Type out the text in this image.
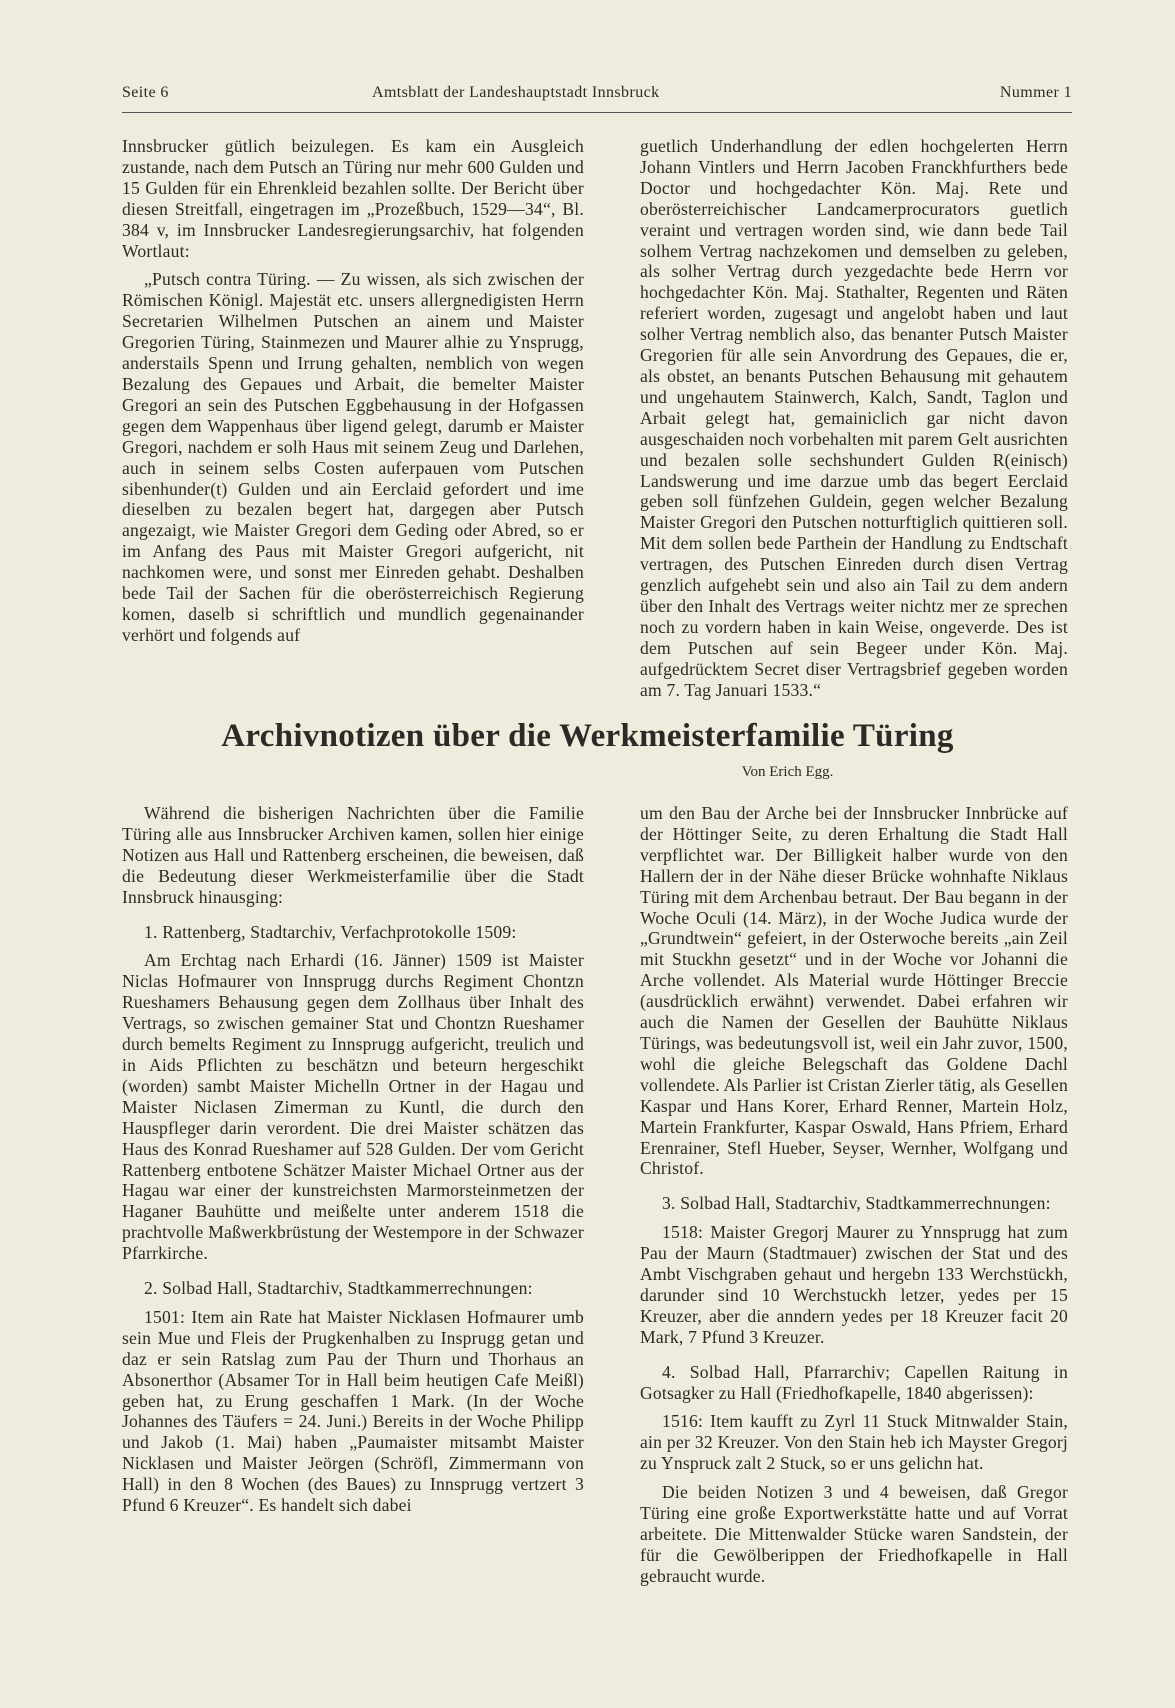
Seite 6	Amtsblatt der Landeshauptstadt Innsbruck	Nummer 1

Innsbrucker gütlich beizulegen. Es kam ein Ausgleich zustande, nach dem Putsch an Türing nur mehr 600 Gulden und 15 Gulden für ein Ehrenkleid bezahlen sollte. Der Bericht über diesen Streitfall, eingetragen im „Prozeßbuch, 1529—34“, Bl. 384 v, im Innsbrucker Landesregierungsarchiv, hat folgenden Wortlaut:

„Putsch contra Türing. — Zu wissen, als sich zwischen der Römischen Königl. Majestät etc. unsers allergnedigisten Herrn Secretarien Wilhelmen Putschen an ainem und Maister Gregorien Türing, Stainmezen und Maurer alhie zu Ynsprugg, anderstails Spenn und Irrung gehalten, nemblich von wegen Bezalung des Gepaues und Arbait, die bemelter Maister Gregori an sein des Putschen Eggbehausung in der Hofgassen gegen dem Wappenhaus über ligend gelegt, darumb er Maister Gregori, nachdem er solh Haus mit seinem Zeug und Darlehen, auch in seinem selbs Costen auferpauen vom Putschen sibenhunder(t) Gulden und ain Eerclaid gefordert und ime dieselben zu bezalen begert hat, dargegen aber Putsch angezaigt, wie Maister Gregori dem Geding oder Abred, so er im Anfang des Paus mit Maister Gregori aufgericht, nit nachkomen were, und sonst mer Einreden gehabt. Deshalben bede Tail der Sachen für die oberösterreichisch Regierung komen, daselb si schriftlich und mundlich gegenainander verhört und folgends auf

guetlich Underhandlung der edlen hochgelerten Herrn Johann Vintlers und Herrn Jacoben Franckhfurthers bede Doctor und hochgedachter Kön. Maj. Rete und oberösterreichischer Landcamerprocurators guetlich veraint und vertragen worden sind, wie dann bede Tail solhem Vertrag nachzekomen und demselben zu geleben, als solher Vertrag durch yezgedachte bede Herrn vor hochgedachter Kön. Maj. Stathalter, Regenten und Räten referiert worden, zugesagt und angelobt haben und laut solher Vertrag nemblich also, das benanter Putsch Maister Gregorien für alle sein Anvordrung des Gepaues, die er, als obstet, an benants Putschen Behausung mit gehautem und ungehautem Stainwerch, Kalch, Sandt, Taglon und Arbait gelegt hat, gemainiclich gar nicht davon ausgeschaiden noch vorbehalten mit parem Gelt ausrichten und bezalen solle sechshundert Gulden R(einisch) Landswerung und ime darzue umb das begert Eerclaid geben soll fünfzehen Guldein, gegen welcher Bezalung Maister Gregori den Putschen notturftiglich quittieren soll. Mit dem sollen bede Parthein der Handlung zu Endtschaft vertragen, des Putschen Einreden durch disen Vertrag genzlich aufgehebt sein und also ain Tail zu dem andern über den Inhalt des Vertrags weiter nichtz mer ze sprechen noch zu vordern haben in kain Weise, ongeverde. Des ist dem Putschen auf sein Begeer under Kön. Maj. aufgedrücktem Secret diser Vertragsbrief gegeben worden am 7. Tag Januari 1533.“

Archivnotizen über die Werkmeisterfamilie Türing
Von Erich Egg.

Während die bisherigen Nachrichten über die Familie Türing alle aus Innsbrucker Archiven kamen, sollen hier einige Notizen aus Hall und Rattenberg erscheinen, die beweisen, daß die Bedeutung dieser Werkmeisterfamilie über die Stadt Innsbruck hinausging:

1. Rattenberg, Stadtarchiv, Verfachprotokolle 1509:

Am Erchtag nach Erhardi (16. Jänner) 1509 ist Maister Niclas Hofmaurer von Innsprugg durchs Regiment Chontzn Rueshamers Behausung gegen dem Zollhaus über Inhalt des Vertrags, so zwischen gemainer Stat und Chontzn Rueshamer durch bemelts Regiment zu Innsprugg aufgericht, treulich und in Aids Pflichten zu beschätzn und beteurn hergeschikt (worden) sambt Maister Michelln Ortner in der Hagau und Maister Niclasen Zimerman zu Kuntl, die durch den Hauspfleger darin verordent. Die drei Maister schätzen das Haus des Konrad Rueshamer auf 528 Gulden. Der vom Gericht Rattenberg entbotene Schätzer Maister Michael Ortner aus der Hagau war einer der kunstreichsten Marmorsteinmetzen der Haganer Bauhütte und meißelte unter anderem 1518 die prachtvolle Maßwerkbrüstung der Westempore in der Schwazer Pfarrkirche.

2. Solbad Hall, Stadtarchiv, Stadtkammerrechnungen:

1501: Item ain Rate hat Maister Nicklasen Hofmaurer umb sein Mue und Fleis der Prugkenhalben zu Insprugg getan und daz er sein Ratslag zum Pau der Thurn und Thorhaus an Absonerthor (Absamer Tor in Hall beim heutigen Cafe Meißl) geben hat, zu Erung geschaffen 1 Mark. (In der Woche Johannes des Täufers = 24. Juni.) Bereits in der Woche Philipp und Jakob (1. Mai) haben „Paumaister mitsambt Maister Nicklasen und Maister Jeörgen (Schröfl, Zimmermann von Hall) in den 8 Wochen (des Baues) zu Innsprugg vertzert 3 Pfund 6 Kreuzer“. Es handelt sich dabei

um den Bau der Arche bei der Innsbrucker Innbrücke auf der Höttinger Seite, zu deren Erhaltung die Stadt Hall verpflichtet war. Der Billigkeit halber wurde von den Hallern der in der Nähe dieser Brücke wohnhafte Niklaus Türing mit dem Archenbau betraut. Der Bau begann in der Woche Oculi (14. März), in der Woche Judica wurde der „Grundtwein“ gefeiert, in der Osterwoche bereits „ain Zeil mit Stuckhn gesetzt“ und in der Woche vor Johanni die Arche vollendet. Als Material wurde Höttinger Breccie (ausdrücklich erwähnt) verwendet. Dabei erfahren wir auch die Namen der Gesellen der Bauhütte Niklaus Türings, was bedeutungsvoll ist, weil ein Jahr zuvor, 1500, wohl die gleiche Belegschaft das Goldene Dachl vollendete. Als Parlier ist Cristan Zierler tätig, als Gesellen Kaspar und Hans Korer, Erhard Renner, Martein Holz, Martein Frankfurter, Kaspar Oswald, Hans Pfriem, Erhard Erenrainer, Stefl Hueber, Seyser, Wernher, Wolfgang und Christof.

3. Solbad Hall, Stadtarchiv, Stadtkammerrechnungen:

1518: Maister Gregorj Maurer zu Ynnsprugg hat zum Pau der Maurn (Stadtmauer) zwischen der Stat und des Ambt Vischgraben gehaut und hergebn 133 Werchstückh, darunder sind 10 Werchstuckh letzer, yedes per 15 Kreuzer, aber die anndern yedes per 18 Kreuzer facit 20 Mark, 7 Pfund 3 Kreuzer.

4. Solbad Hall, Pfarrarchiv; Capellen Raitung in Gotsagker zu Hall (Friedhofkapelle, 1840 abgerissen):

1516: Item kaufft zu Zyrl 11 Stuck Mitnwalder Stain, ain per 32 Kreuzer. Von den Stain heb ich Mayster Gregorj zu Ynspruck zalt 2 Stuck, so er uns gelichn hat.

Die beiden Notizen 3 und 4 beweisen, daß Gregor Türing eine große Exportwerkstätte hatte und auf Vorrat arbeitete. Die Mittenwalder Stücke waren Sandstein, der für die Gewölberippen der Friedhofkapelle in Hall gebraucht wurde.
